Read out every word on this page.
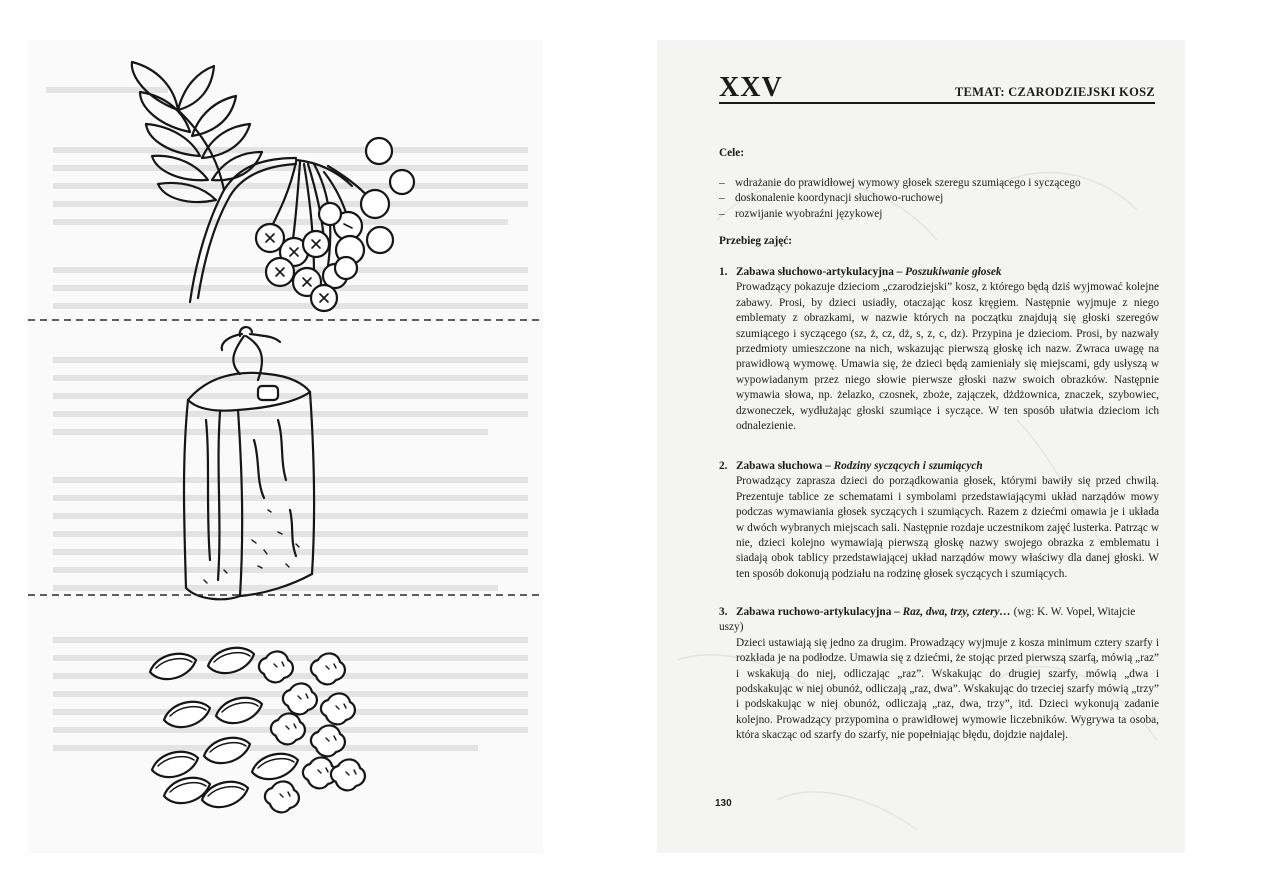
XXV	TEMAT: CZARODZIEJSKI KOSZ
Cele:
– wdrażanie do prawidłowej wymowy głosek szeregu szumiącego i syczącego
– doskonalenie koordynacji słuchowo-ruchowej
– rozwijanie wyobraźni językowej
Przebieg zajęć:
1. Zabawa słuchowo-artykulacyjna – Poszukiwanie głosek
Prowadzący pokazuje dzieciom „czarodziejski” kosz, z którego będą dziś wyjmować kolejne zabawy. Prosi, by dzieci usiadły, otaczając kosz kręgiem. Następnie wyjmuje z niego emblematy z obrazkami, w nazwie których na początku znajdują się głoski szeregów szumiącego i syczącego (sz, ż, cz, dż, s, z, c, dz). Przypina je dzieciom. Prosi, by nazwały przedmioty umieszczone na nich, wskazując pierwszą głoskę ich nazw. Zwraca uwagę na prawidłową wymowę. Umawia się, że dzieci będą zamieniały się miejscami, gdy usłyszą w wypowiadanym przez niego słowie pierwsze głoski nazw swoich obrazków. Następnie wymawia słowa, np. żelazko, czosnek, zboże, zajączek, dżdżownica, znaczek, szybowiec, dzwoneczek, wydłużając głoski szumiące i syczące. W ten sposób ułatwia dzieciom ich odnalezienie.
2. Zabawa słuchowa – Rodziny syczących i szumiących
Prowadzący zaprasza dzieci do porządkowania głosek, którymi bawiły się przed chwilą. Prezentuje tablice ze schematami i symbolami przedstawiającymi układ narządów mowy podczas wymawiania głosek syczących i szumiących. Razem z dziećmi omawia je i układa w dwóch wybranych miejscach sali. Następnie rozdaje uczestnikom zajęć lusterka. Patrząc w nie, dzieci kolejno wymawiają pierwszą głoskę nazwy swojego obrazka z emblematu i siadają obok tablicy przedstawiającej układ narządów mowy właściwy dla danej głoski. W ten sposób dokonują podziału na rodzinę głosek syczących i szumiących.
3. Zabawa ruchowo-artykulacyjna – Raz, dwa, trzy, cztery… (wg: K. W. Vopel, Witajcie uszy)
Dzieci ustawiają się jedno za drugim. Prowadzący wyjmuje z kosza minimum cztery szarfy i rozkłada je na podłodze. Umawia się z dziećmi, że stojąc przed pierwszą szarfą, mówią „raz” i wskakują do niej, odliczając „raz”. Wskakując do drugiej szarfy, mówią „dwa i podskakując w niej obunóż, odliczają „raz, dwa”. Wskakując do trzeciej szarfy mówią „trzy” i podskakując w niej obunóż, odliczają „raz, dwa, trzy”, itd. Dzieci wykonują zadanie kolejno. Prowadzący przypomina o prawidłowej wymowie liczebników. Wygrywa ta osoba, która skacząc od szarfy do szarfy, nie popełniając błędu, dojdzie najdalej.
130
